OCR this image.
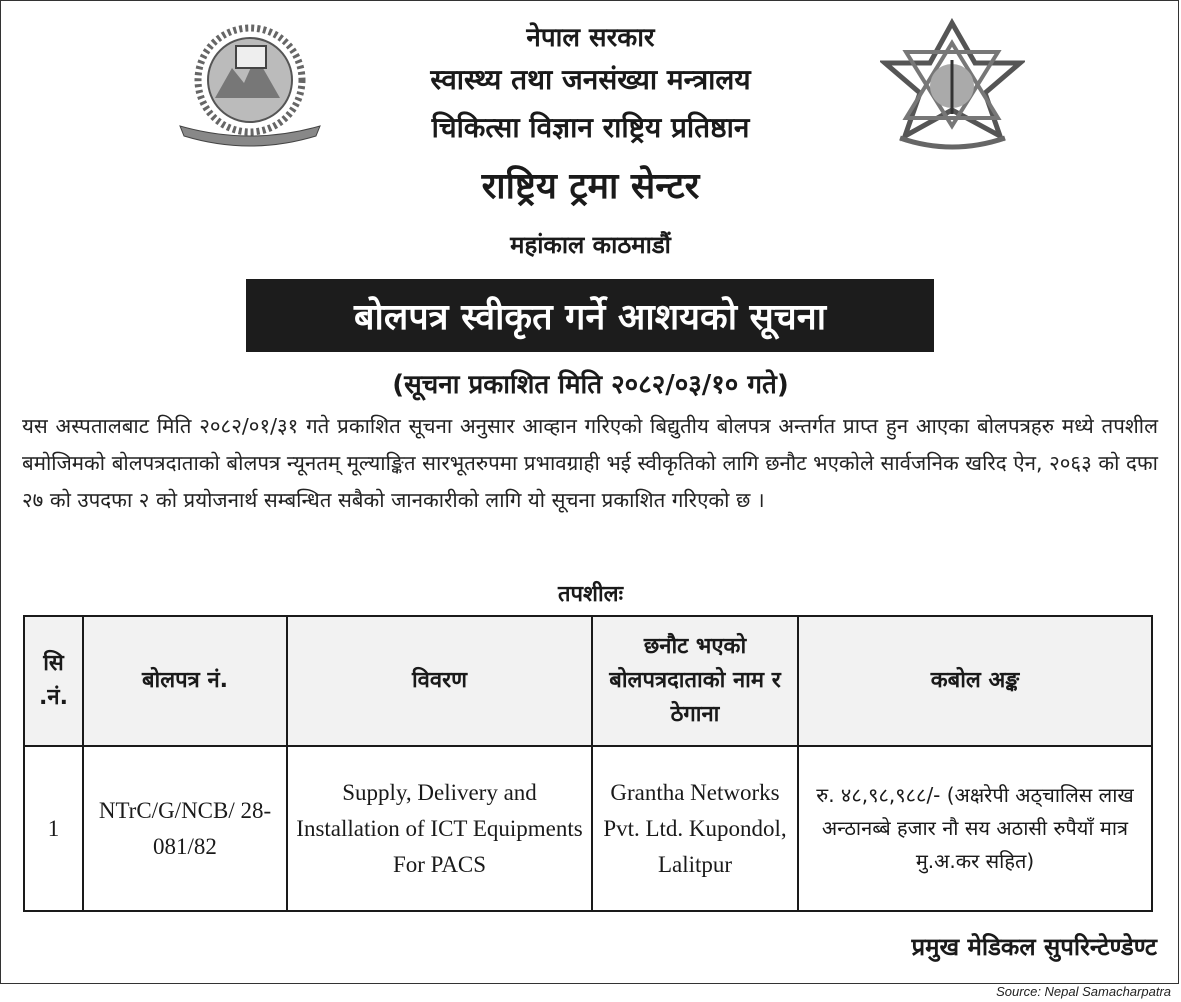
नेपाल सरकार
स्वास्थ्य तथा जनसंख्या मन्त्रालय
चिकित्सा विज्ञान राष्ट्रिय प्रतिष्ठान
राष्ट्रिय ट्रमा सेन्टर
महांकाल काठमाडौं
बोलपत्र स्वीकृत गर्ने आशयको सूचना
(सूचना प्रकाशित मिति २०८२/०३/१० गते)
यस अस्पतालबाट मिति २०८२/०१/३१ गते प्रकाशित सूचना अनुसार आव्हान गरिएको बिद्युतीय बोलपत्र अन्तर्गत प्राप्त हुन आएका बोलपत्रहरु मध्ये तपशील बमोजिमको बोलपत्रदाताको बोलपत्र न्यूनतम् मूल्याङ्कित सारभूतरुपमा प्रभावग्राही भई स्वीकृतिको लागि छनौट भएकोले सार्वजनिक खरिद ऐन, २०६३ को दफा २७ को उपदफा २ को प्रयोजनार्थ सम्बन्धित सबैको जानकारीको लागि यो सूचना प्रकाशित गरिएको छ ।
तपशीलः
सि .नं.	बोलपत्र नं.	विवरण	छनौट भएको बोलपत्रदाताको नाम र ठेगाना	कबोल अङ्क
1	NTrC/G/NCB/ 28-081/82	Supply, Delivery and Installation of ICT Equipments For PACS	Grantha Networks Pvt. Ltd. Kupondol, Lalitpur	रु. ४८,९८,९८८/- (अक्षरेपी अठ्चालिस लाख अन्ठानब्बे हजार नौ सय अठासी रुपैयाँ मात्र मु.अ.कर सहित)
प्रमुख मेडिकल सुपरिन्टेण्डेण्ट
Source: Nepal Samacharpatra
